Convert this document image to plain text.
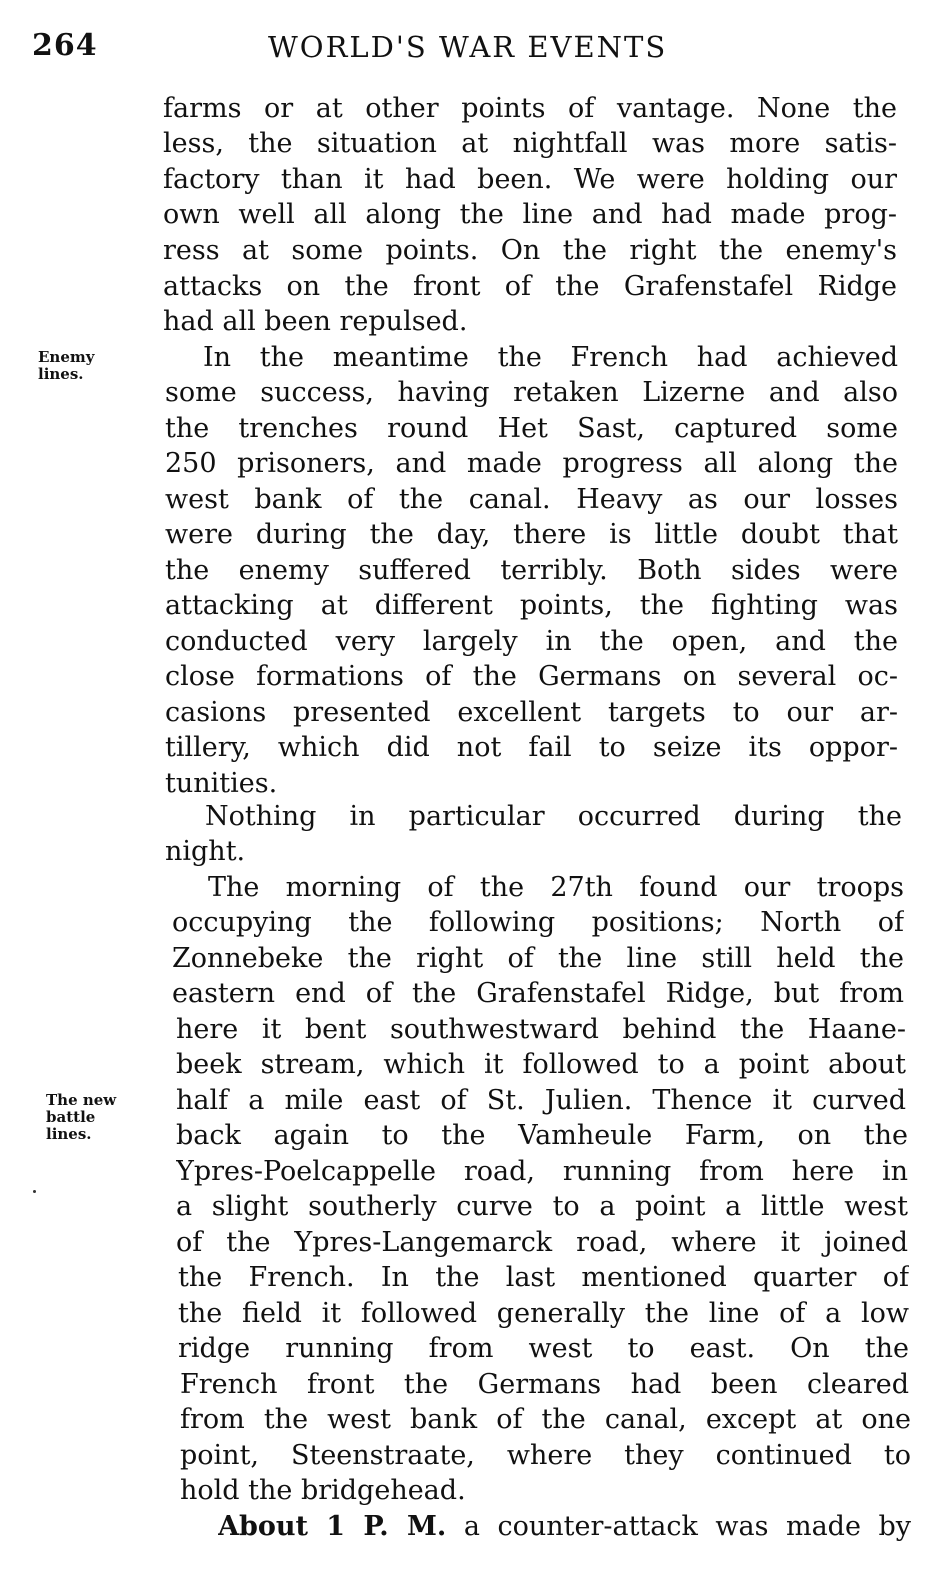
264	WORLD'S WAR EVENTS
Enemy
lines.
The new
battle
lines.
farms or at other points of vantage. None the
less, the situation at nightfall was more satis-
factory than it had been. We were holding our
own well all along the line and had made prog-
ress at some points. On the right the enemy's
attacks on the front of the Grafenstafel Ridge
had all been repulsed.
In the meantime the French had achieved
some success, having retaken Lizerne and also
the trenches round Het Sast, captured some
250 prisoners, and made progress all along the
west bank of the canal. Heavy as our losses
were during the day, there is little doubt that
the enemy suffered terribly. Both sides were
attacking at different points, the fighting was
conducted very largely in the open, and the
close formations of the Germans on several oc-
casions presented excellent targets to our ar-
tillery, which did not fail to seize its oppor-
tunities.
Nothing in particular occurred during the
night.
The morning of the 27th found our troops
occupying the following positions; North of
Zonnebeke the right of the line still held the
eastern end of the Grafenstafel Ridge, but from
here it bent southwestward behind the Haane-
beek stream, which it followed to a point about
half a mile east of St. Julien. Thence it curved
back again to the Vamheule Farm, on the
Ypres-Poelcappelle road, running from here in
a slight southerly curve to a point a little west
of the Ypres-Langemarck road, where it joined
the French. In the last mentioned quarter of
the field it followed generally the line of a low
ridge running from west to east. On the
French front the Germans had been cleared
from the west bank of the canal, except at one
point, Steenstraate, where they continued to
hold the bridgehead.
About 1 P. M. a counter-attack was made by
